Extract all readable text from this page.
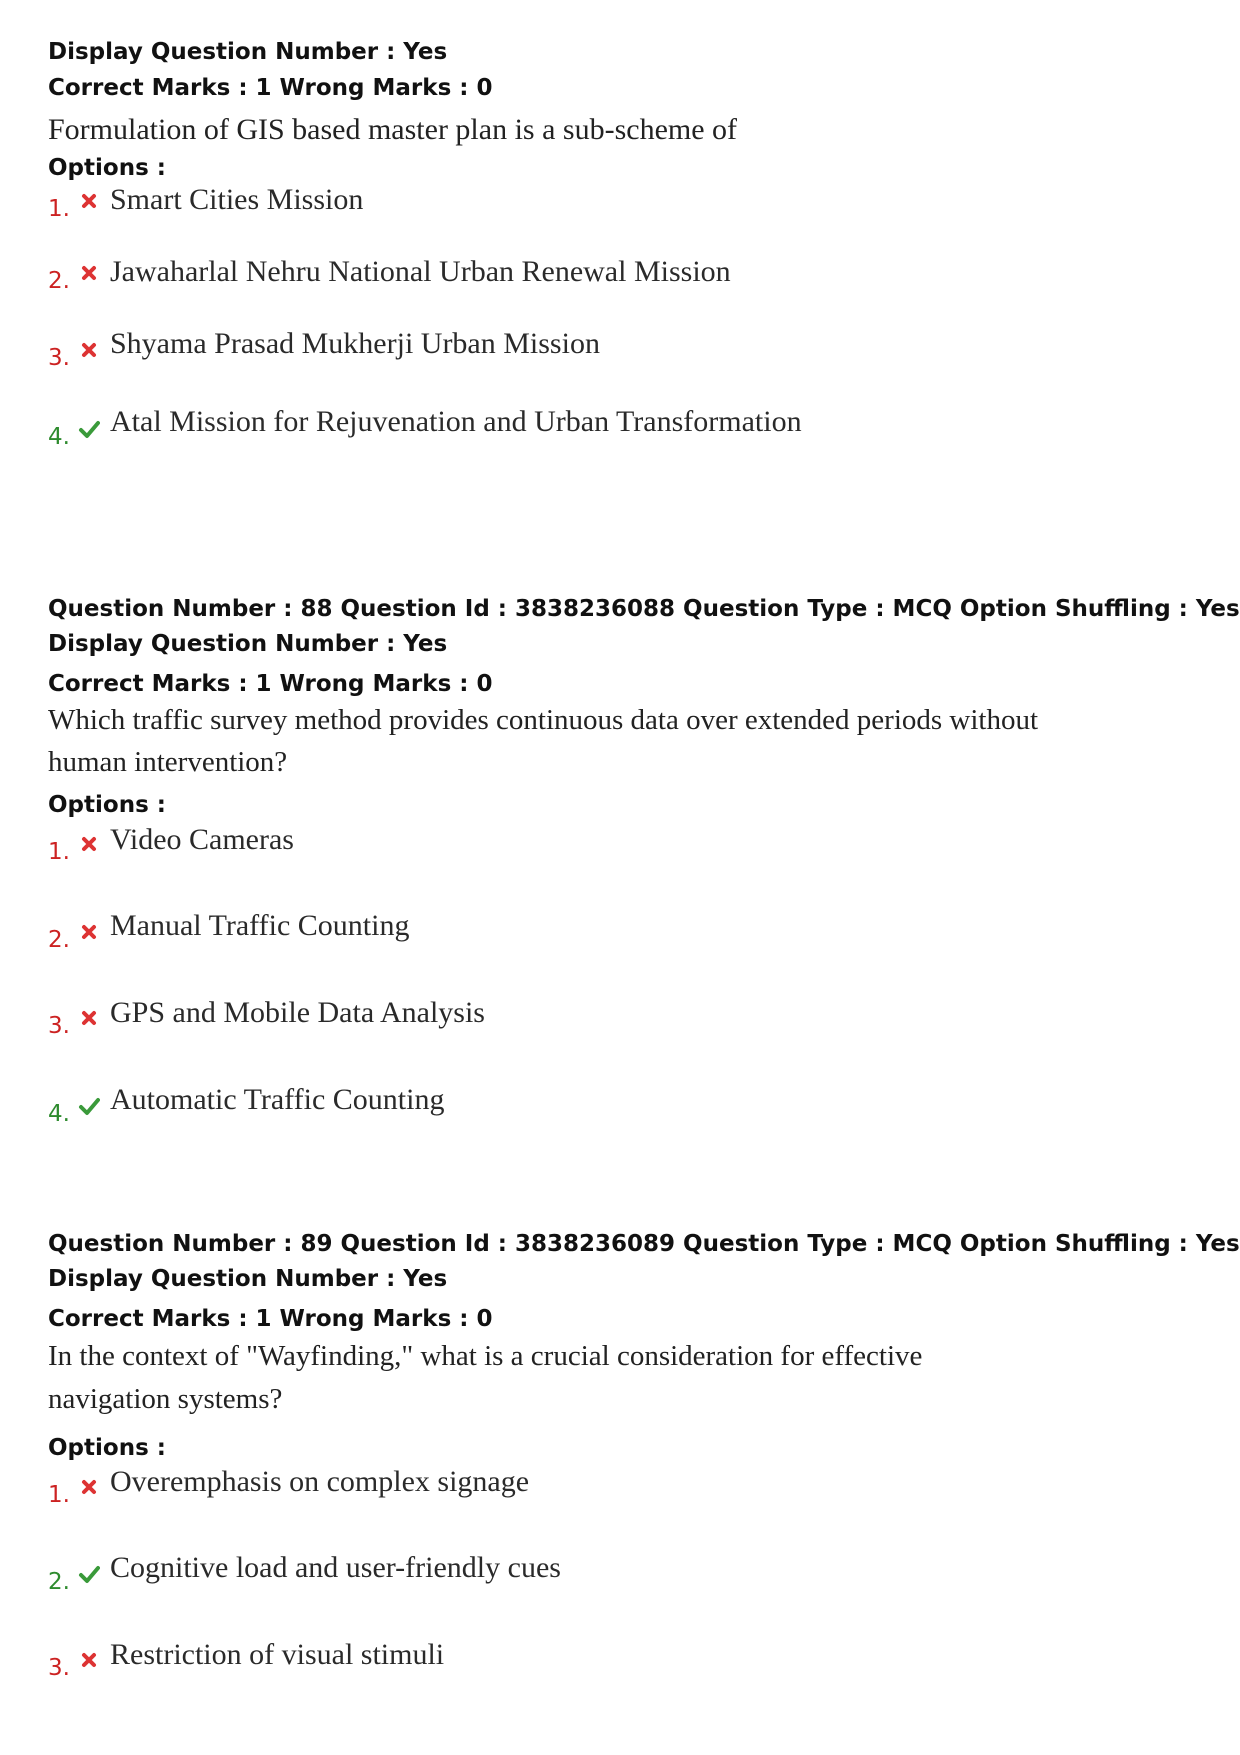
Display Question Number : Yes
Correct Marks : 1 Wrong Marks : 0
Formulation of GIS based master plan is a sub-scheme of
Options :
1. Smart Cities Mission
2. Jawaharlal Nehru National Urban Renewal Mission
3. Shyama Prasad Mukherji Urban Mission
4. Atal Mission for Rejuvenation and Urban Transformation
Question Number : 88 Question Id : 3838236088 Question Type : MCQ Option Shuffling : Yes
Display Question Number : Yes
Correct Marks : 1 Wrong Marks : 0
Which traffic survey method provides continuous data over extended periods without
human intervention?
Options :
1. Video Cameras
2. Manual Traffic Counting
3. GPS and Mobile Data Analysis
4. Automatic Traffic Counting
Question Number : 89 Question Id : 3838236089 Question Type : MCQ Option Shuffling : Yes
Display Question Number : Yes
Correct Marks : 1 Wrong Marks : 0
In the context of "Wayfinding," what is a crucial consideration for effective
navigation systems?
Options :
1. Overemphasis on complex signage
2. Cognitive load and user-friendly cues
3. Restriction of visual stimuli
